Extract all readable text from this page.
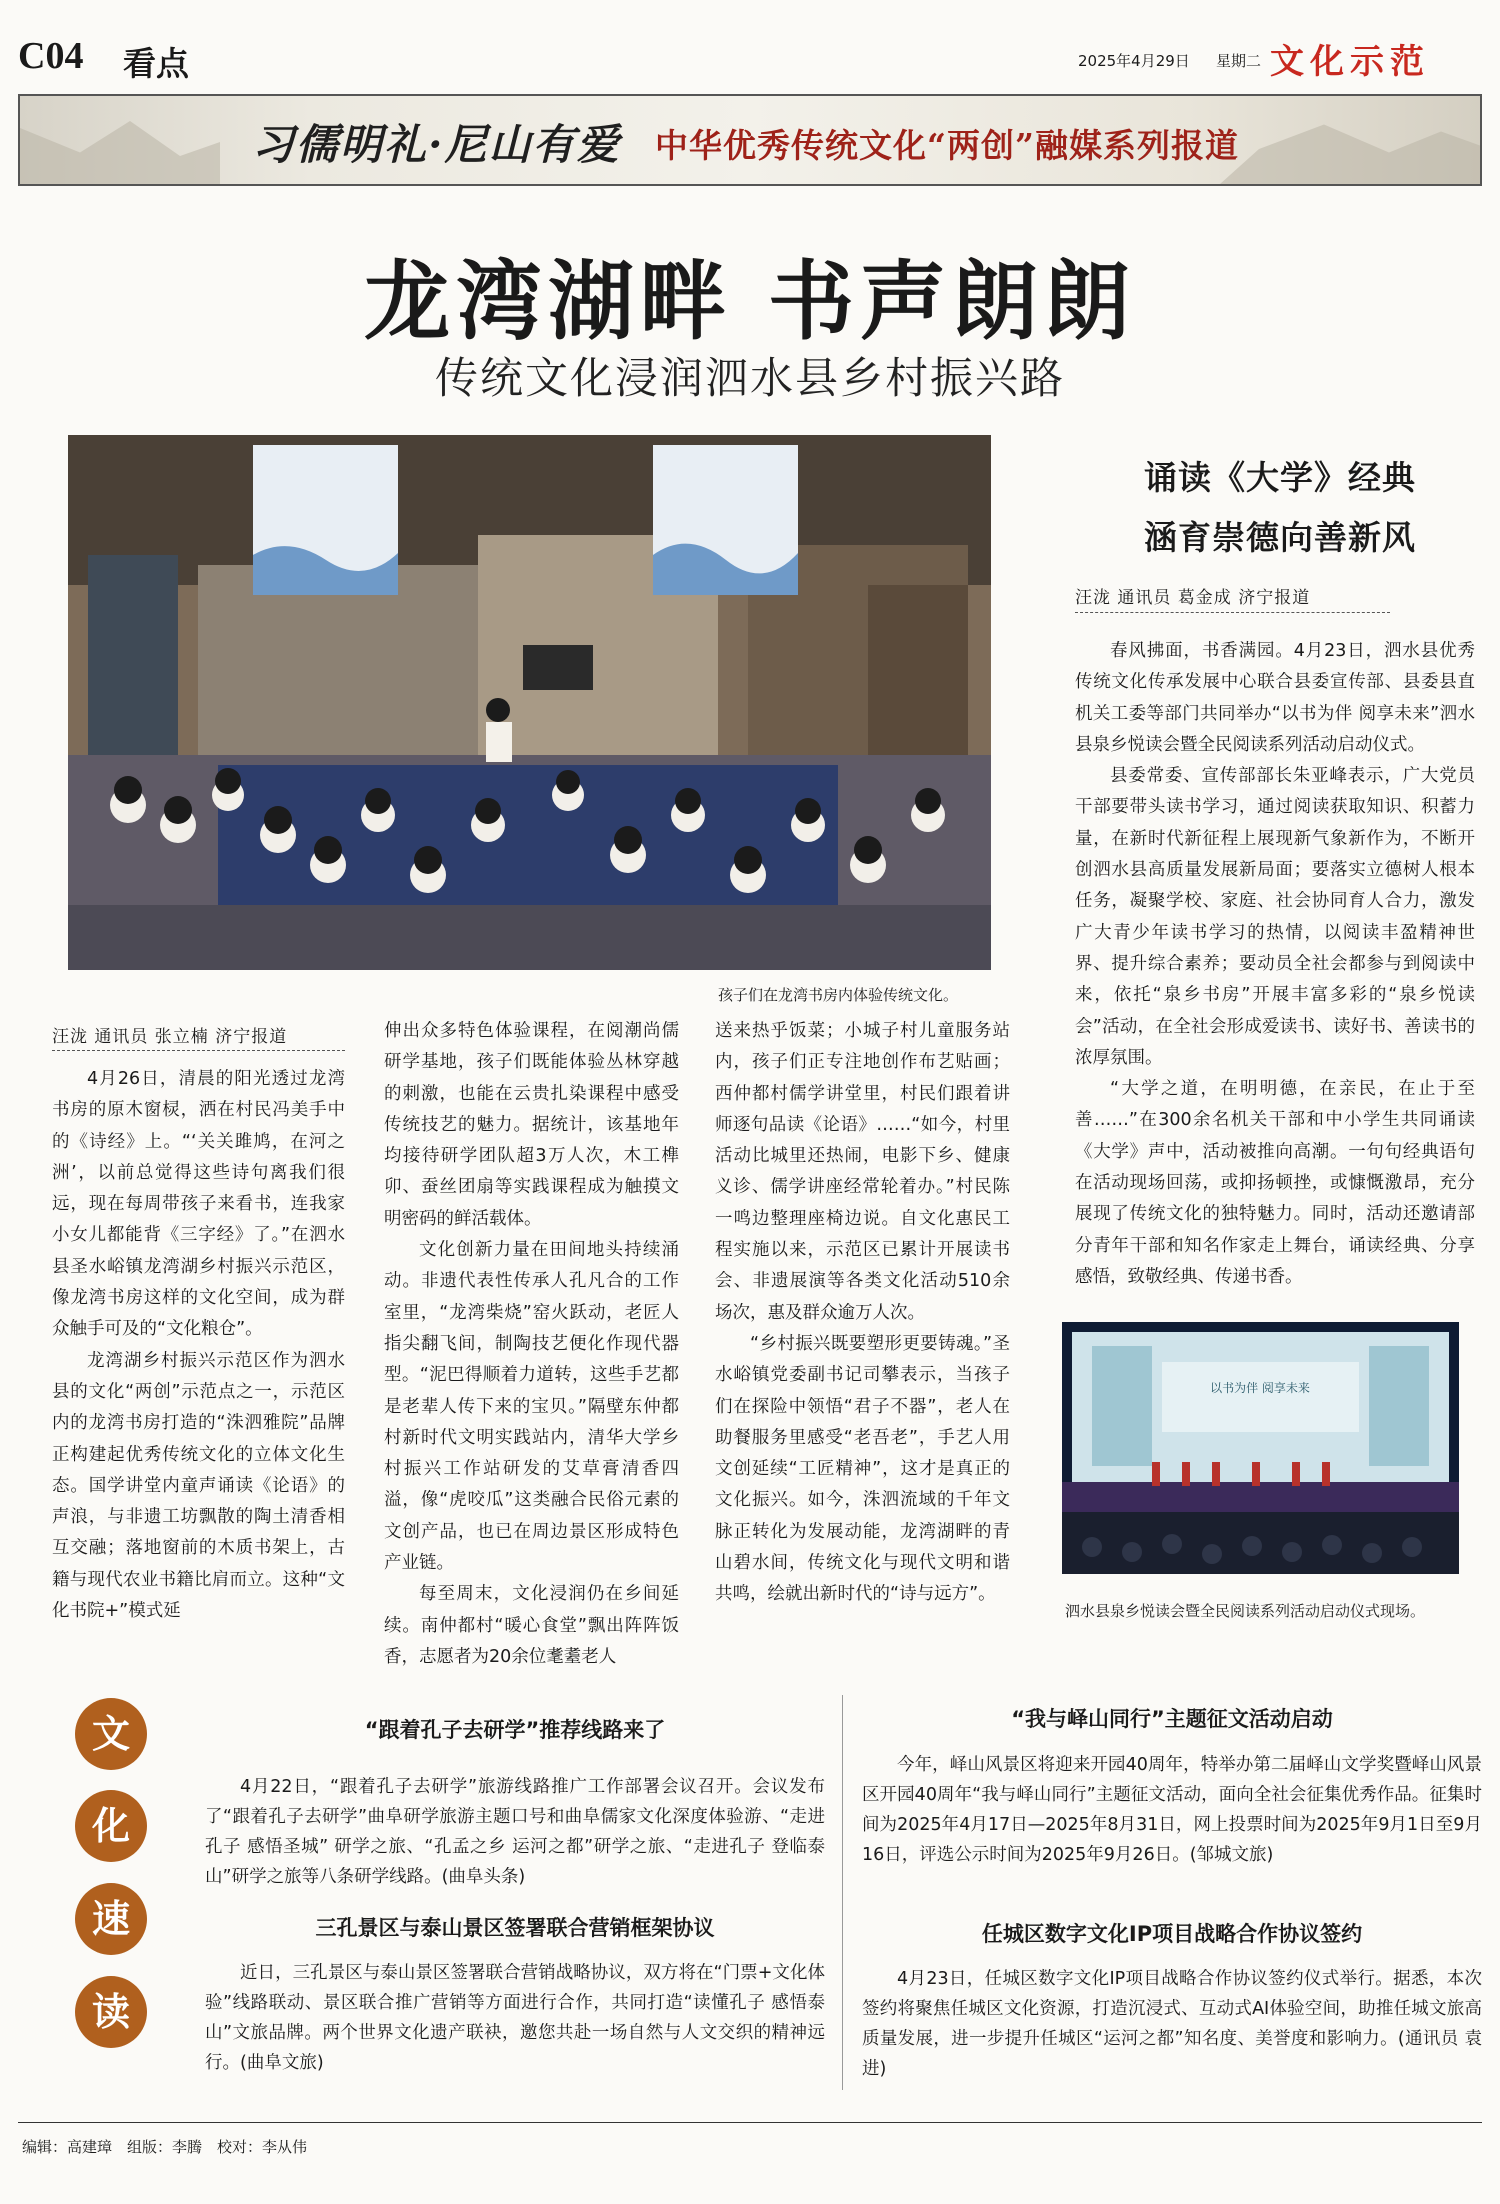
C04 看点	2025年4月29日 星期二 文化示范
习儒明礼·尼山有爱 中华优秀传统文化“两创”融媒系列报道
龙湾湖畔 书声朗朗
传统文化浸润泗水县乡村振兴路
孩子们在龙湾书房内体验传统文化。
汪泷 通讯员 张立楠 济宁报道

4月26日，清晨的阳光透过龙湾书房的原木窗棂，洒在村民冯美手中的《诗经》上。“‘关关雎鸠，在河之洲’，以前总觉得这些诗句离我们很远，现在每周带孩子来看书，连我家小女儿都能背《三字经》了。”在泗水县圣水峪镇龙湾湖乡村振兴示范区，像龙湾书房这样的文化空间，成为群众触手可及的“文化粮仓”。

龙湾湖乡村振兴示范区作为泗水县的文化“两创”示范点之一，示范区内的龙湾书房打造的“洙泗雅院”品牌正构建起优秀传统文化的立体文化生态。国学讲堂内童声诵读《论语》的声浪，与非遗工坊飘散的陶土清香相互交融；落地窗前的木质书架上，古籍与现代农业书籍比肩而立。这种“文化书院+”模式延

伸出众多特色体验课程，在阅潮尚儒研学基地，孩子们既能体验丛林穿越的刺激，也能在云贵扎染课程中感受传统技艺的魅力。据统计，该基地年均接待研学团队超3万人次，木工榫卯、蚕丝团扇等实践课程成为触摸文明密码的鲜活载体。

文化创新力量在田间地头持续涌动。非遗代表性传承人孔凡合的工作室里，“龙湾柴烧”窑火跃动，老匠人指尖翻飞间，制陶技艺便化作现代器型。“泥巴得顺着力道转，这些手艺都是老辈人传下来的宝贝。”隔壁东仲都村新时代文明实践站内，清华大学乡村振兴工作站研发的艾草膏清香四溢，像“虎咬瓜”这类融合民俗元素的文创产品，也已在周边景区形成特色产业链。

每至周末，文化浸润仍在乡间延续。南仲都村“暖心食堂”飘出阵阵饭香，志愿者为20余位耄耋老人

送来热乎饭菜；小城子村儿童服务站内，孩子们正专注地创作布艺贴画；西仲都村儒学讲堂里，村民们跟着讲师逐句品读《论语》……“如今，村里活动比城里还热闹，电影下乡、健康义诊、儒学讲座经常轮着办。”村民陈一鸣边整理座椅边说。自文化惠民工程实施以来，示范区已累计开展读书会、非遗展演等各类文化活动510余场次，惠及群众逾万人次。

“乡村振兴既要塑形更要铸魂。”圣水峪镇党委副书记司攀表示，当孩子们在探险中领悟“君子不器”，老人在助餐服务里感受“老吾老”，手艺人用文创延续“工匠精神”，这才是真正的文化振兴。如今，洙泗流域的千年文脉正转化为发展动能，龙湾湖畔的青山碧水间，传统文化与现代文明和谐共鸣，绘就出新时代的“诗与远方”。

诵读《大学》经典
涵育崇德向善新风
汪泷 通讯员 葛金成 济宁报道

春风拂面，书香满园。4月23日，泗水县优秀传统文化传承发展中心联合县委宣传部、县委县直机关工委等部门共同举办“以书为伴 阅享未来”泗水县泉乡悦读会暨全民阅读系列活动启动仪式。

县委常委、宣传部部长朱亚峰表示，广大党员干部要带头读书学习，通过阅读获取知识、积蓄力量，在新时代新征程上展现新气象新作为，不断开创泗水县高质量发展新局面；要落实立德树人根本任务，凝聚学校、家庭、社会协同育人合力，激发广大青少年读书学习的热情，以阅读丰盈精神世界、提升综合素养；要动员全社会都参与到阅读中来，依托“泉乡书房”开展丰富多彩的“泉乡悦读会”活动，在全社会形成爱读书、读好书、善读书的浓厚氛围。

“大学之道，在明明德，在亲民，在止于至善……”在300余名机关干部和中小学生共同诵读《大学》声中，活动被推向高潮。一句句经典语句在活动现场回荡，或抑扬顿挫，或慷慨激昂，充分展现了传统文化的独特魅力。同时，活动还邀请部分青年干部和知名作家走上舞台，诵读经典、分享感悟，致敬经典、传递书香。

以书为伴 阅享未来
泗水县泉乡悦读会暨全民阅读系列活动启动仪式现场。
文
化
速
读
“跟着孔子去研学”推荐线路来了

4月22日，“跟着孔子去研学”旅游线路推广工作部署会议召开。会议发布了“跟着孔子去研学”曲阜研学旅游主题口号和曲阜儒家文化深度体验游、“走进孔子 感悟圣城” 研学之旅、“孔孟之乡 运河之都”研学之旅、“走进孔子 登临泰山”研学之旅等八条研学线路。(曲阜头条)

三孔景区与泰山景区签署联合营销框架协议

近日，三孔景区与泰山景区签署联合营销战略协议，双方将在“门票+文化体验”线路联动、景区联合推广营销等方面进行合作，共同打造“读懂孔子 感悟泰山”文旅品牌。两个世界文化遗产联袂，邀您共赴一场自然与人文交织的精神远行。(曲阜文旅)

“我与峄山同行”主题征文活动启动

今年，峄山风景区将迎来开园40周年，特举办第二届峄山文学奖暨峄山风景区开园40周年“我与峄山同行”主题征文活动，面向全社会征集优秀作品。征集时间为2025年4月17日—2025年8月31日，网上投票时间为2025年9月1日至9月16日，评选公示时间为2025年9月26日。(邹城文旅)

任城区数字文化IP项目战略合作协议签约

4月23日，任城区数字文化IP项目战略合作协议签约仪式举行。据悉，本次签约将聚焦任城区文化资源，打造沉浸式、互动式AI体验空间，助推任城文旅高质量发展，进一步提升任城区“运河之都”知名度、美誉度和影响力。(通讯员 袁进)

编辑：高建璋　组版：李腾　校对：李从伟
